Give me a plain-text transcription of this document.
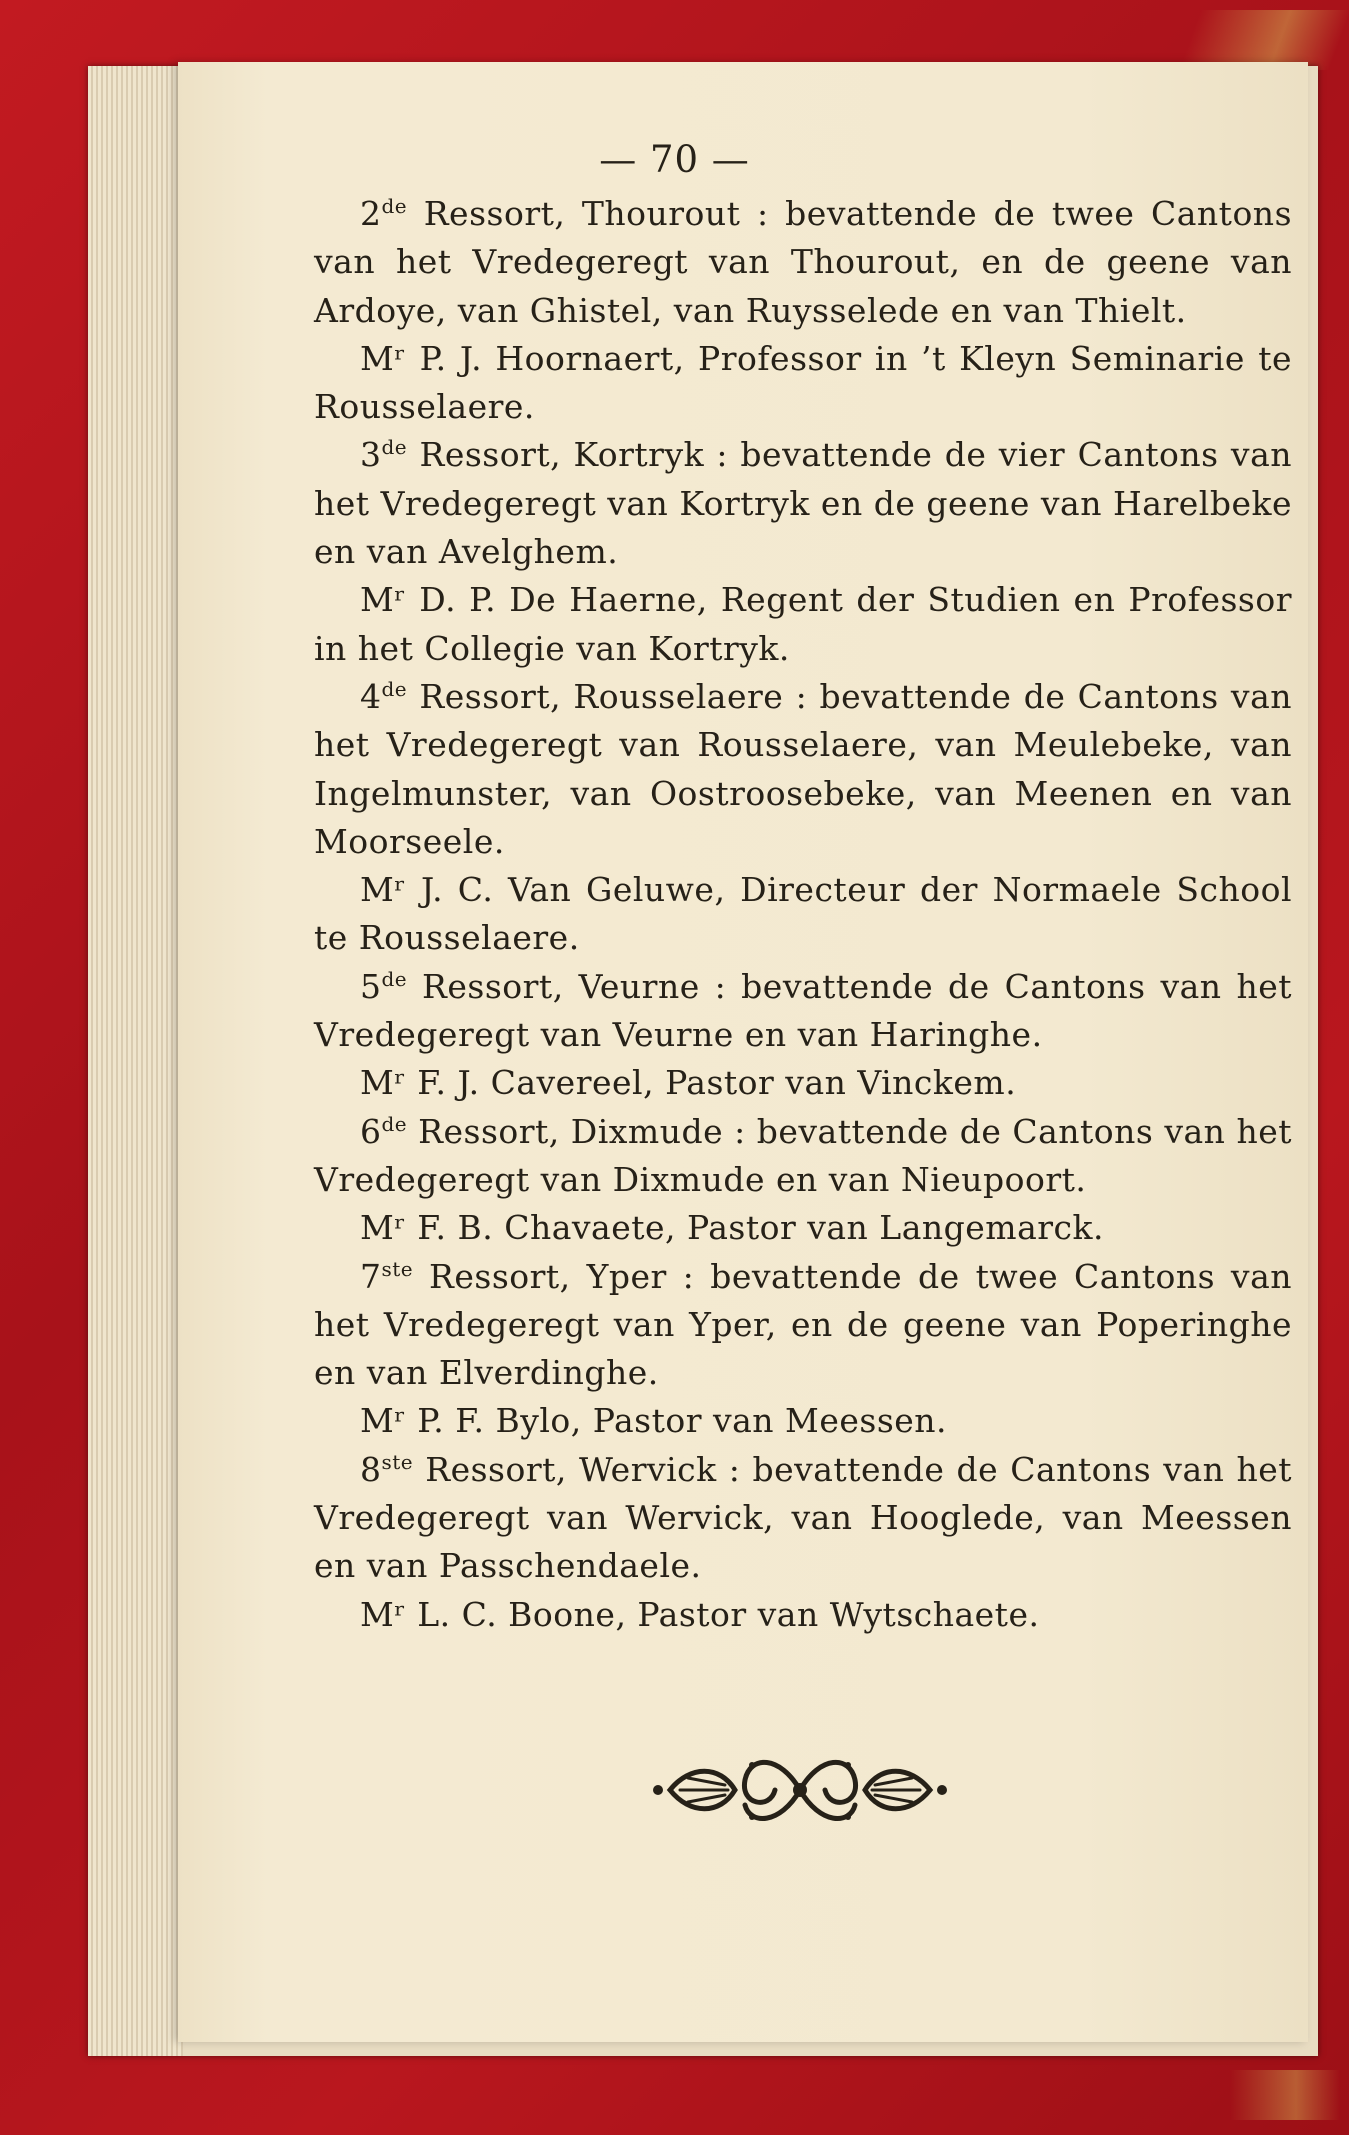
— 70 —

2de Ressort, Thourout : bevattende de twee Cantons van het Vredegeregt van Thourout, en de geene van Ardoye, van Ghistel, van Ruysselede en van Thielt.

Mʳ P. J. Hoornaert, Professor in ’t Kleyn Seminarie te Rousselaere.

3de Ressort, Kortryk : bevattende de vier Cantons van het Vredegeregt van Kortryk en de geene van Harelbeke en van Avelghem.

Mʳ D. P. De Haerne, Regent der Studien en Professor in het Collegie van Kortryk.

4de Ressort, Rousselaere : bevattende de Cantons van het Vredegeregt van Rousselaere, van Meulebeke, van Ingelmunster, van Oostroosebeke, van Meenen en van Moorseele.

Mʳ J. C. Van Geluwe, Directeur der Normaele School te Rousselaere.

5de Ressort, Veurne : bevattende de Cantons van het Vredegeregt van Veurne en van Haringhe.

Mʳ F. J. Cavereel, Pastor van Vinckem.

6de Ressort, Dixmude : bevattende de Cantons van het Vredegeregt van Dixmude en van Nieupoort.

Mʳ F. B. Chavaete, Pastor van Langemarck.

7ste Ressort, Yper : bevattende de twee Cantons van het Vredegeregt van Yper, en de geene van Poperinghe en van Elverdinghe.

Mʳ P. F. Bylo, Pastor van Meessen.

8ste Ressort, Wervick : bevattende de Cantons van het Vredegeregt van Wervick, van Hooglede, van Meessen en van Passchendaele.

Mʳ L. C. Boone, Pastor van Wytschaete.
